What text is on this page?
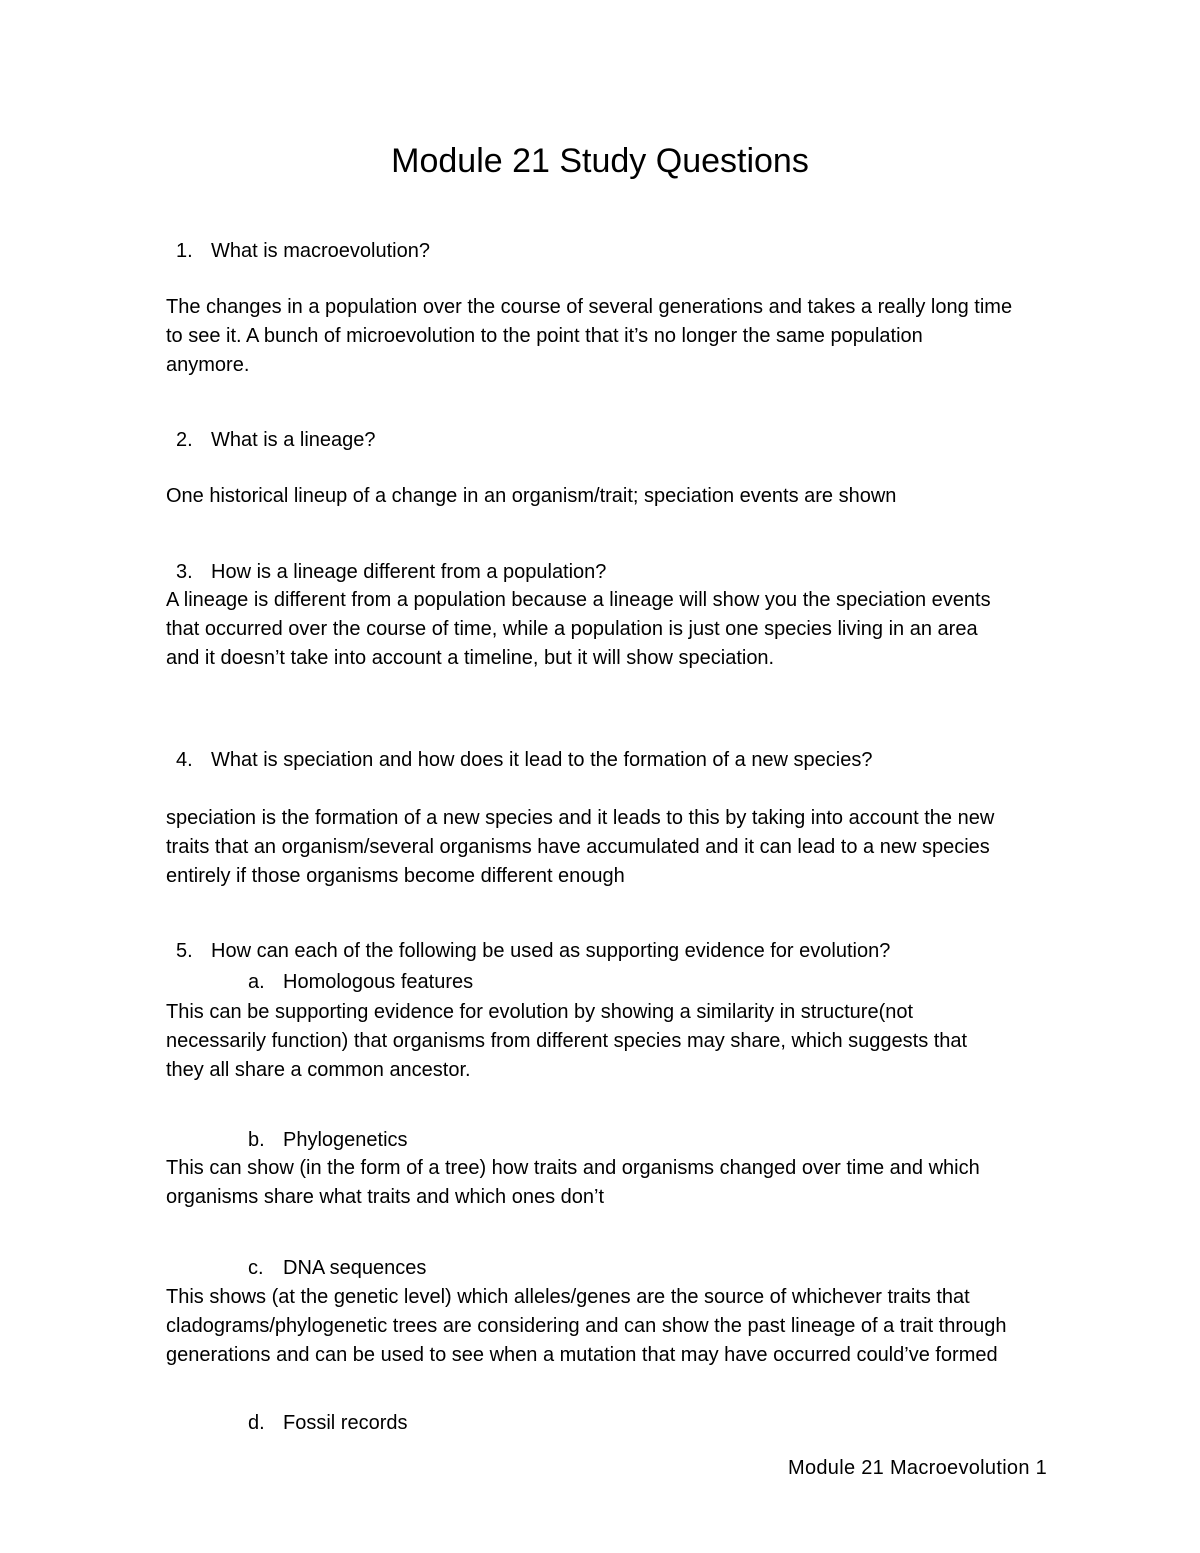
Module 21 Study Questions
1. What is macroevolution?
The changes in a population over the course of several generations and takes a really long time
to see it. A bunch of microevolution to the point that it’s no longer the same population
anymore.
2. What is a lineage?
One historical lineup of a change in an organism/trait; speciation events are shown
3. How is a lineage different from a population?
A lineage is different from a population because a lineage will show you the speciation events
that occurred over the course of time, while a population is just one species living in an area
and it doesn’t take into account a timeline, but it will show speciation.
4. What is speciation and how does it lead to the formation of a new species?
speciation is the formation of a new species and it leads to this by taking into account the new
traits that an organism/several organisms have accumulated and it can lead to a new species
entirely if those organisms become different enough
5. How can each of the following be used as supporting evidence for evolution?
a. Homologous features
This can be supporting evidence for evolution by showing a similarity in structure(not
necessarily function) that organisms from different species may share, which suggests that
they all share a common ancestor.
b. Phylogenetics
This can show (in the form of a tree) how traits and organisms changed over time and which
organisms share what traits and which ones don’t
c. DNA sequences
This shows (at the genetic level) which alleles/genes are the source of whichever traits that
cladograms/phylogenetic trees are considering and can show the past lineage of a trait through
generations and can be used to see when a mutation that may have occurred could’ve formed
d. Fossil records
Module 21 Macroevolution 1
